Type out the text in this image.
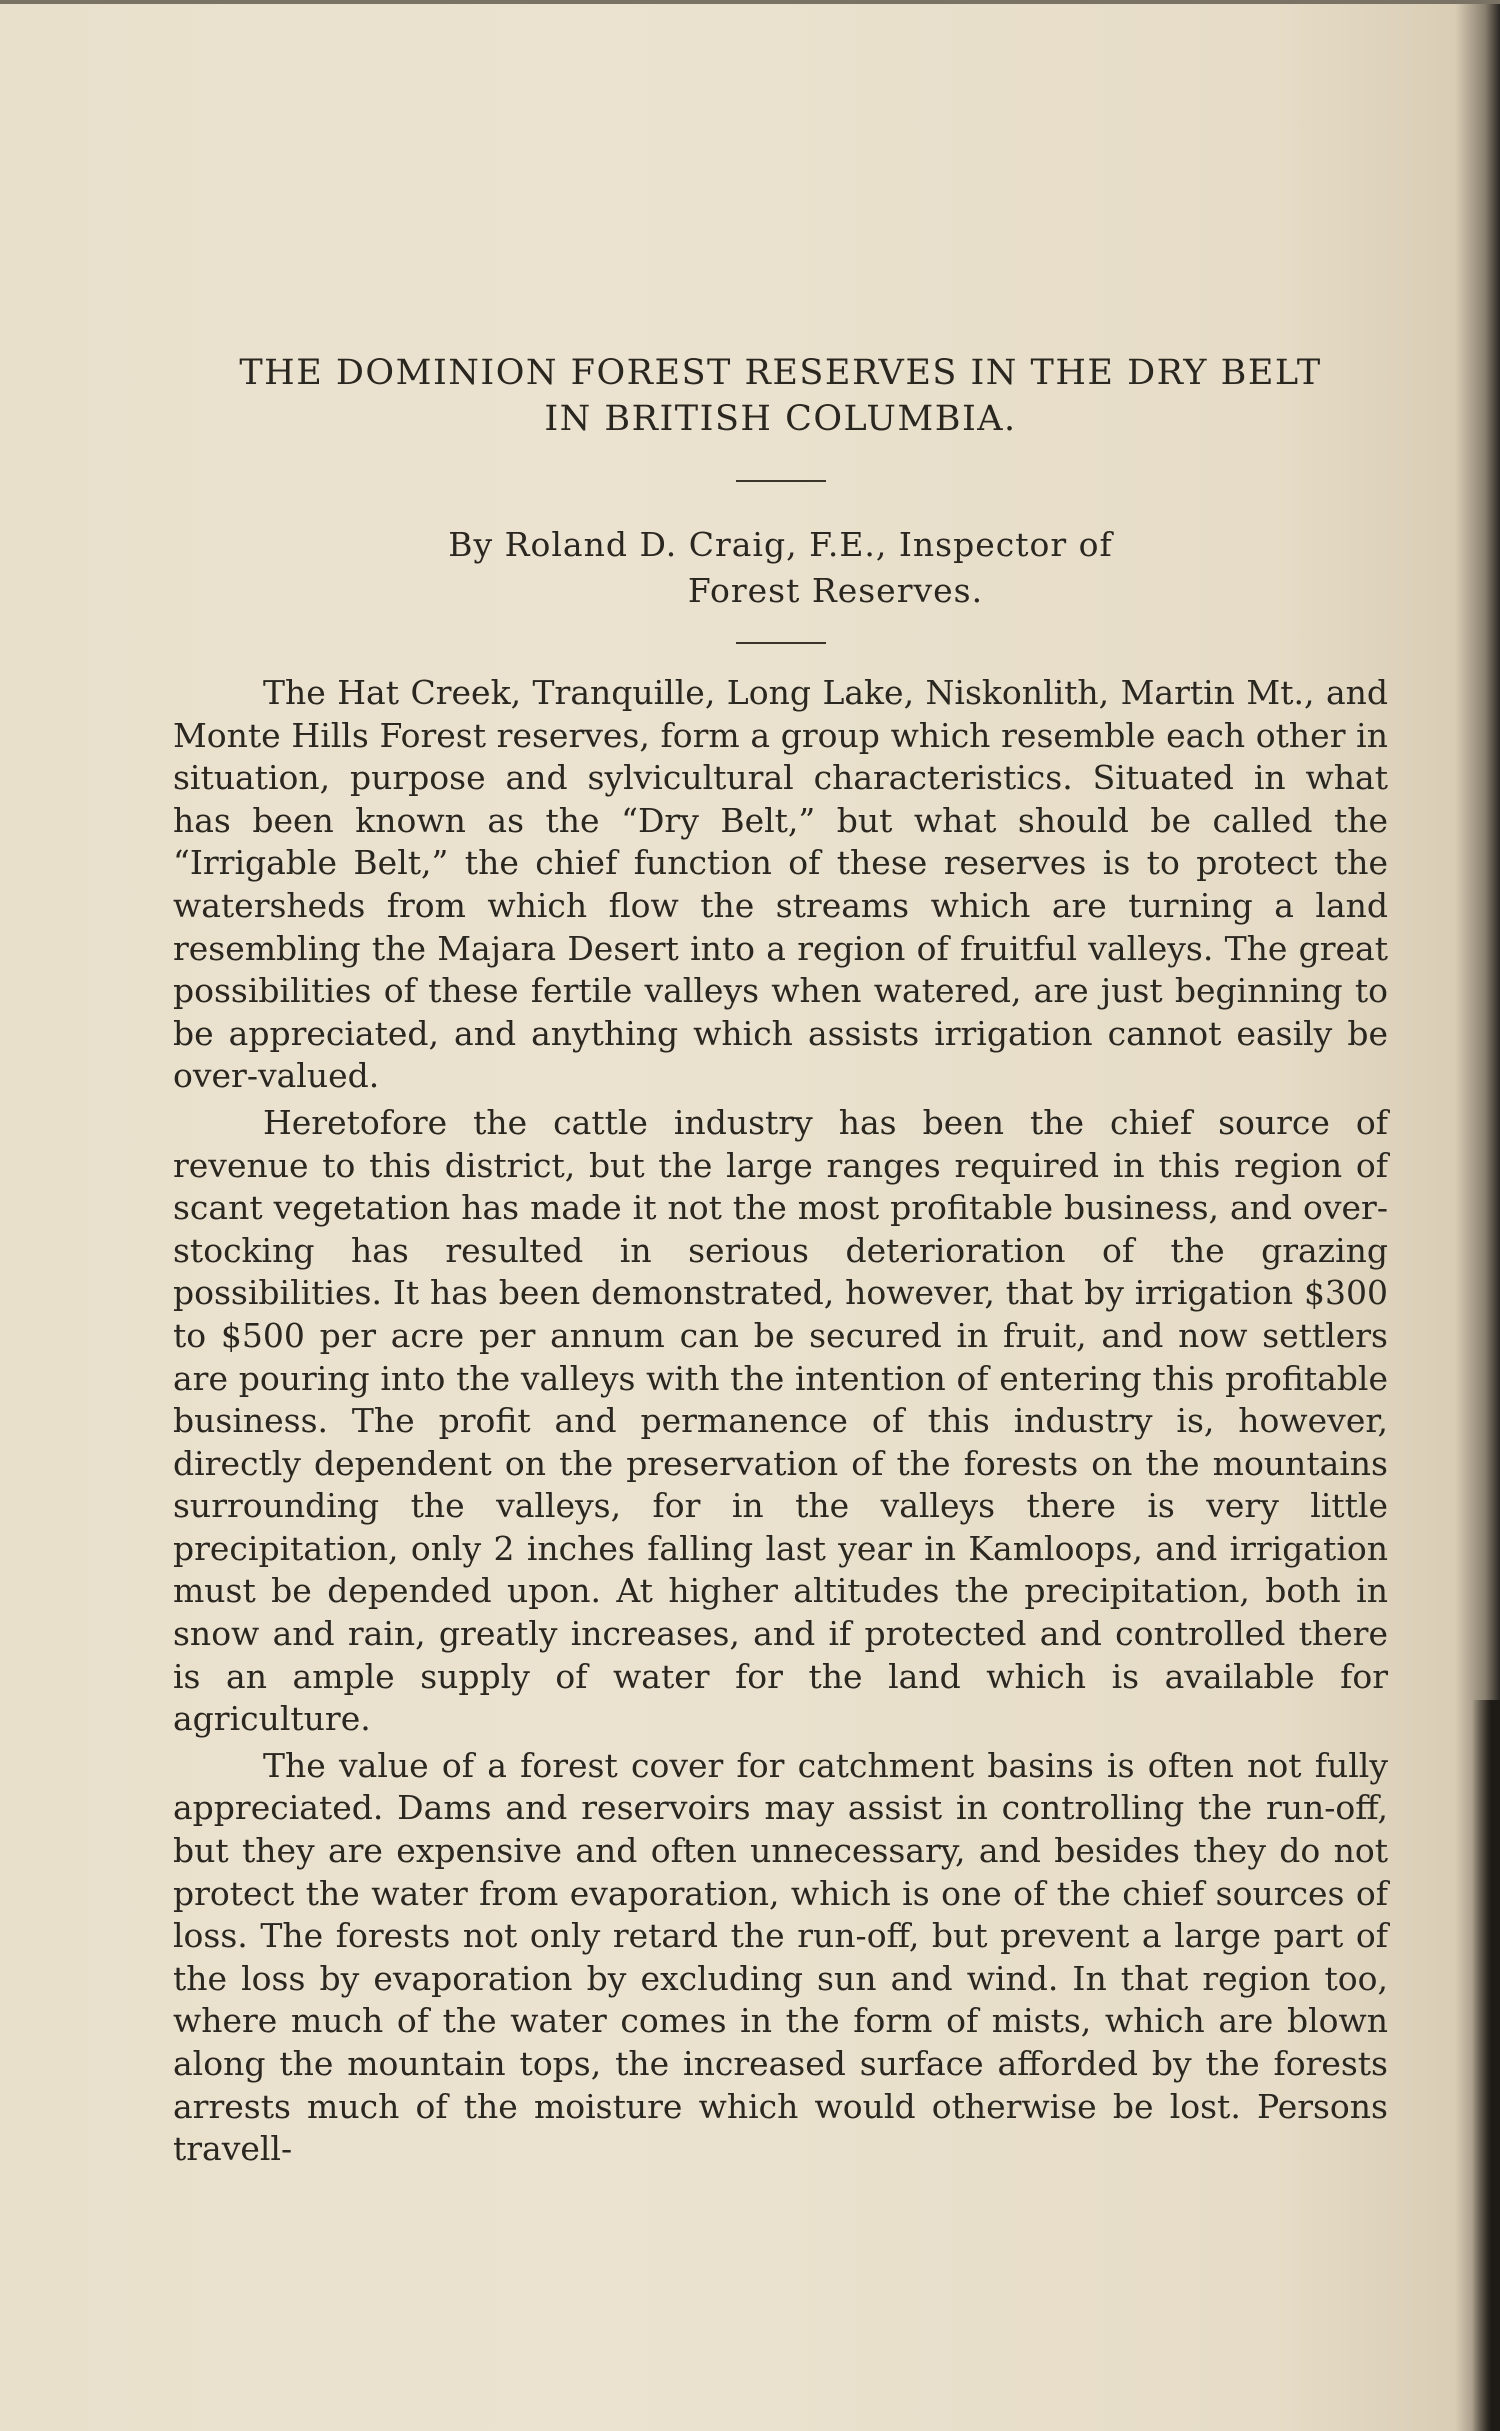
THE DOMINION FOREST RESERVES IN THE DRY BELT
IN BRITISH COLUMBIA.
By Roland D. Craig, F.E., Inspector of
Forest Reserves.

The Hat Creek, Tranquille, Long Lake, Niskonlith, Martin Mt., and Monte Hills Forest reserves, form a group which resemble each other in situation, purpose and sylvicultural characteristics. Situated in what has been known as the “Dry Belt,” but what should be called the “Irrigable Belt,” the chief function of these reserves is to protect the watersheds from which flow the streams which are turning a land resembling the Majara Desert into a region of fruitful valleys. The great possibilities of these fertile valleys when watered, are just beginning to be appreciated, and anything which assists irrigation cannot easily be over-valued.

Heretofore the cattle industry has been the chief source of revenue to this district, but the large ranges required in this region of scant vegetation has made it not the most profitable business, and over-stocking has resulted in serious deterioration of the grazing possibilities. It has been demonstrated, however, that by irrigation $300 to $500 per acre per annum can be secured in fruit, and now settlers are pouring into the valleys with the intention of entering this profitable business. The profit and permanence of this industry is, however, directly dependent on the preservation of the forests on the mountains surrounding the valleys, for in the valleys there is very little precipitation, only 2 inches falling last year in Kamloops, and irrigation must be depended upon. At higher altitudes the precipitation, both in snow and rain, greatly increases, and if protected and controlled there is an ample supply of water for the land which is available for agriculture.

The value of a forest cover for catchment basins is often not fully appreciated. Dams and reservoirs may assist in controlling the run-off, but they are expensive and often unnecessary, and besides they do not protect the water from evaporation, which is one of the chief sources of loss. The forests not only retard the run-off, but prevent a large part of the loss by evaporation by excluding sun and wind. In that region too, where much of the water comes in the form of mists, which are blown along the mountain tops, the increased surface afforded by the forests arrests much of the moisture which would otherwise be lost. Persons travell-
